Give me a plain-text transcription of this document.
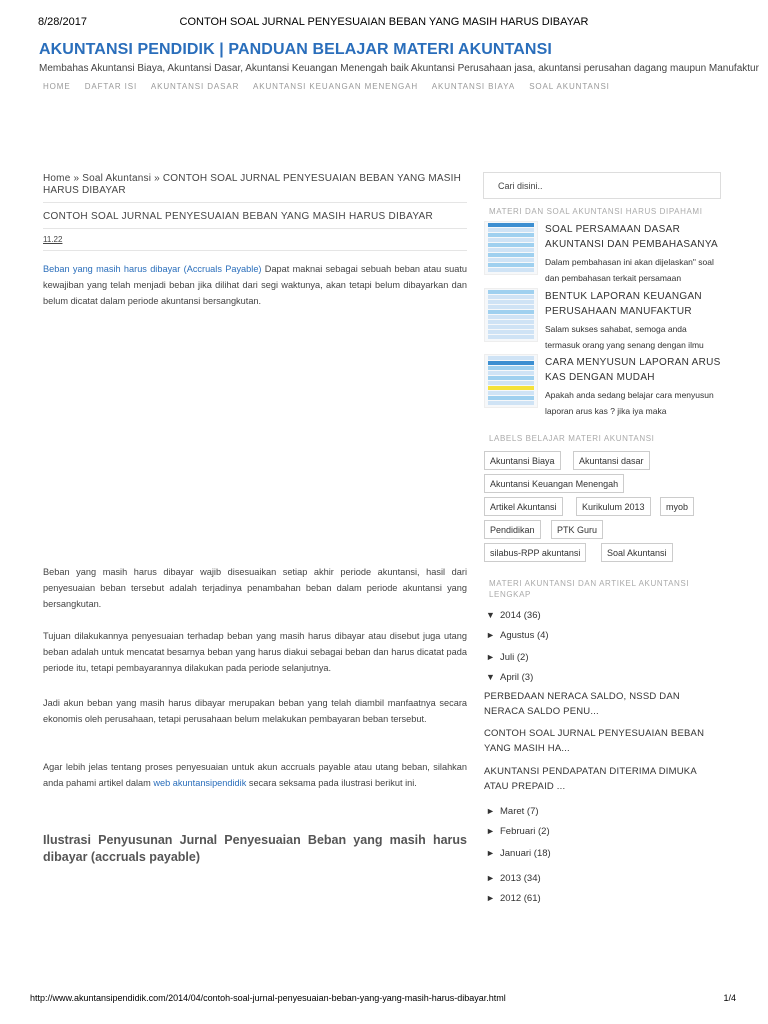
8/28/2017	CONTOH SOAL JURNAL PENYESUAIAN BEBAN YANG MASIH HARUS DIBAYAR
AKUNTANSI PENDIDIK | PANDUAN BELAJAR MATERI AKUNTANSI
Membahas Akuntansi Biaya, Akuntansi Dasar, Akuntansi Keuangan Menengah baik Akuntansi Perusahaan jasa, akuntansi perusahan dagang maupun Manufaktur
HOME DAFTAR ISI AKUNTANSI DASAR AKUNTANSI KEUANGAN MENENGAH AKUNTANSI BIAYA SOAL AKUNTANSI
Home » Soal Akuntansi » CONTOH SOAL JURNAL PENYESUAIAN BEBAN YANG MASIH HARUS DIBAYAR
CONTOH SOAL JURNAL PENYESUAIAN BEBAN YANG MASIH HARUS DIBAYAR
11.22
Beban yang masih harus dibayar (Accruals Payable) Dapat maknai sebagai sebuah beban atau suatu kewajiban yang telah menjadi beban jika dilihat dari segi waktunya, akan tetapi belum dibayarkan dan belum dicatat dalam periode akuntansi bersangkutan.
Beban yang masih harus dibayar wajib disesuaikan setiap akhir periode akuntansi, hasil dari penyesuaian beban tersebut adalah terjadinya penambahan beban dalam periode akuntansi yang bersangkutan.
Tujuan dilakukannya penyesuaian terhadap beban yang masih harus dibayar atau disebut juga utang beban adalah untuk mencatat besarnya beban yang harus diakui sebagai beban dan harus dicatat pada periode itu, tetapi pembayarannya dilakukan pada periode selanjutnya.
Jadi akun beban yang masih harus dibayar merupakan beban yang telah diambil manfaatnya secara ekonomis oleh perusahaan, tetapi perusahaan belum melakukan pembayaran beban tersebut.
Agar lebih jelas tentang proses penyesuaian untuk akun accruals payable atau utang beban, silahkan anda pahami artikel dalam web akuntansipendidik secara seksama pada ilustrasi berikut ini.
Ilustrasi Penyusunan Jurnal Penyesuaian Beban yang masih harus dibayar (accruals payable)
Cari disini..
MATERI DAN SOAL AKUNTANSI HARUS DIPAHAMI
SOAL PERSAMAAN DASAR AKUNTANSI DAN PEMBAHASANYA
Dalam pembahasan ini akan dijelaskan" soal dan pembahasan terkait persamaan
BENTUK LAPORAN KEUANGAN PERUSAHAAN MANUFAKTUR
Salam sukses sahabat, semoga anda termasuk orang yang senang dengan ilmu
CARA MENYUSUN LAPORAN ARUS KAS DENGAN MUDAH
Apakah anda sedang belajar cara menyusun laporan arus kas ? jika iya maka
LABELS BELAJAR MATERI AKUNTANSI
Akuntansi Biaya	Akuntansi dasar
Akuntansi Keuangan Menengah
Artikel Akuntansi	Kurikulum 2013	myob
Pendidikan	PTK Guru
silabus-RPP akuntansi	Soal Akuntansi
MATERI AKUNTANSI DAN ARTIKEL AKUNTANSI LENGKAP
▼ 2014 (36)
► Agustus (4)
► Juli (2)
▼ April (3)
PERBEDAAN NERACA SALDO, NSSD DAN NERACA SALDO PENU...
CONTOH SOAL JURNAL PENYESUAIAN BEBAN YANG MASIH HA...
AKUNTANSI PENDAPATAN DITERIMA DIMUKA ATAU PREPAID ...
► Maret (7)
► Februari (2)
► Januari (18)
► 2013 (34)
► 2012 (61)
http://www.akuntansipendidik.com/2014/04/contoh-soal-jurnal-penyesuaian-beban-yang-yang-masih-harus-dibayar.html	1/4
